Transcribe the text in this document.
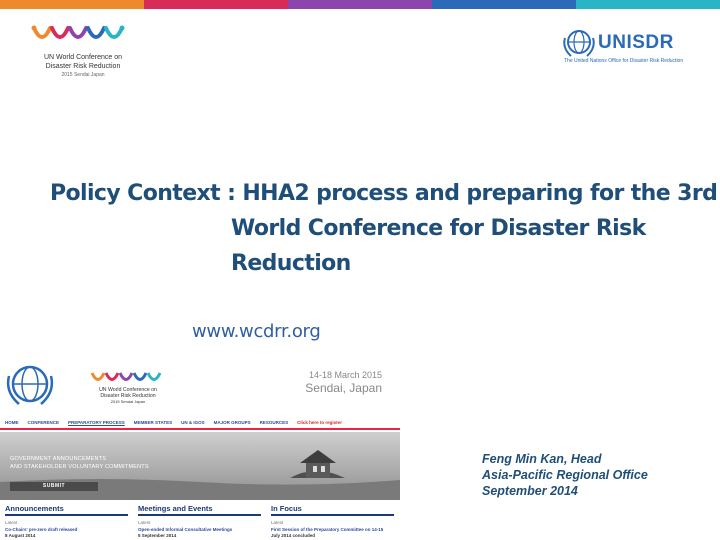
UN World Conference on
Disaster Risk Reduction
2015 Sendai Japan
UNISDR
The United Nations Office for Disaster Risk Reduction
Policy Context : HHA2 process and preparing for the 3rd
World Conference for Disaster Risk
Reduction
www.wcdrr.org
UN World Conference on
Disaster Risk Reduction
2015 Sendai Japan
14-18 March 2015
Sendai, Japan
HOME CONFERENCE PREPARATORY PROCESS MEMBER STATES UN & IGOS MAJOR GROUPS RESOURCES Click here to register
GOVERNMENT ANNOUNCEMENTS
AND STAKEHOLDER VOLUNTARY COMMITMENTS
SUBMIT
Announcements
Latest
Co-Chairs' pre-zero draft released
8 August 2014
Meetings and Events
Latest
Open-ended Informal Consultative Meetings
5 September 2014
In Focus
Latest
First Session of the Preparatory Committee on 14-15
July 2014 concluded
Feng Min Kan, Head
Asia-Pacific Regional Office
September 2014
